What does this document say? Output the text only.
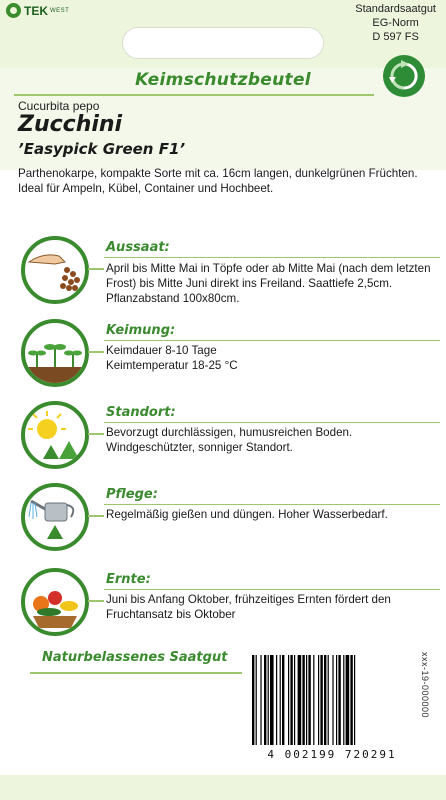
TEK WEST	Standardsaatgut
EG-Norm
D 597 FS
Keimschutzbeutel
Cucurbita pepo
Zucchini
’Easypick Green F1’
Parthenokarpe, kompakte Sorte mit ca. 16cm langen, dunkelgrünen Früchten. Ideal für Ampeln, Kübel, Container und Hochbeet.
Aussaat:
April bis Mitte Mai in Töpfe oder ab Mitte Mai (nach dem letzten Frost) bis Mitte Juni direkt ins Freiland. Saattiefe 2,5cm. Pflanzabstand 100x80cm.
Keimung:
Keimdauer 8-10 Tage
Keimtemperatur 18-25 °C
Standort:
Bevorzugt durchlässigen, humusreichen Boden. Windgeschützter, sonniger Standort.
Pflege:
Regelmäßig gießen und düngen. Hoher Wasserbedarf.
Ernte:
Juni bis Anfang Oktober, frühzeitiges Ernten fördert den Fruchtansatz bis Oktober
Naturbelassenes Saatgut
4 002199 720291
xxx-19-000000
